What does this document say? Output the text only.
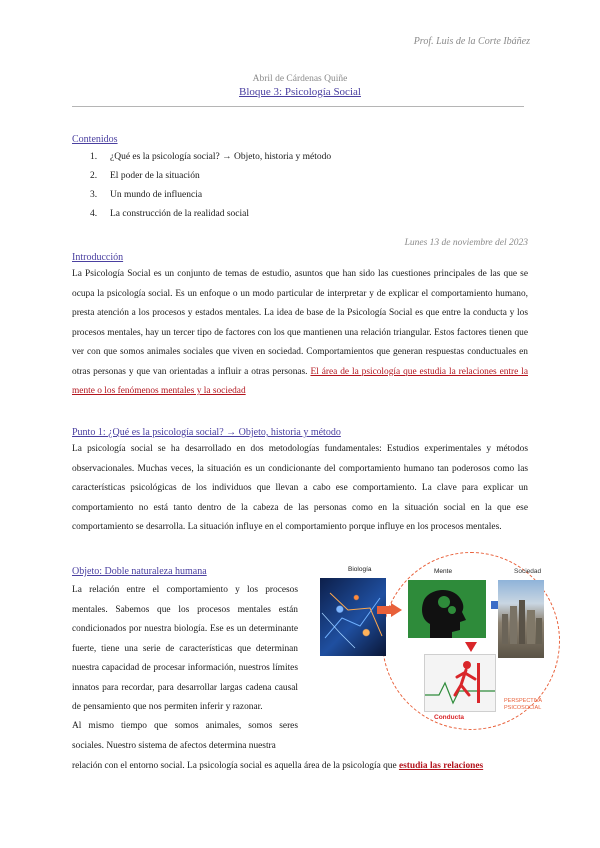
Prof. Luis de la Corte Ibáñez
Abril de Cárdenas Quiñe
Bloque 3: Psicología Social
Contenidos
1.	¿Qué es la psicología social? → Objeto, historia y método
2.	El poder de la situación
3.	Un mundo de influencia
4.	La construcción de la realidad social
Lunes 13 de noviembre del 2023
Introducción

La Psicología Social es un conjunto de temas de estudio, asuntos que han sido las cuestiones principales de las que se ocupa la psicología social. Es un enfoque o un modo particular de interpretar y de explicar el comportamiento humano, presta atención a los procesos y estados mentales. La idea de base de la Psicología Social es que entre la conducta y los procesos mentales, hay un tercer tipo de factores con los que mantienen una relación triangular. Estos factores tienen que ver con que somos animales sociales que viven en sociedad. Comportamientos que generan respuestas conductuales en otras personas y que van orientadas a influir a otras personas. El área de la psicología que estudia la relaciones entre la mente o los fenómenos mentales y la sociedad

Punto 1: ¿Qué es la psicología social? → Objeto, historia y método

La psicología social se ha desarrollado en dos metodologías fundamentales: Estudios experimentales y métodos observacionales. Muchas veces, la situación es un condicionante del comportamiento humano tan poderosos como las características psicológicas de los individuos que llevan a cabo ese comportamiento. La clave para explicar un comportamiento no está tanto dentro de la cabeza de las personas como en la situación social en la que ese comportamiento se desarrolla. La situación influye en el comportamiento porque influye en los procesos mentales.

Objeto: Doble naturaleza humana

La relación entre el comportamiento y los procesos mentales. Sabemos que los procesos mentales están condicionados por nuestra biología. Ese es un determinante fuerte, tiene una serie de características que determinan nuestra capacidad de procesar información, nuestros límites innatos para recordar, para desarrollar largas cadena causal de pensamiento que nos permiten inferir y razonar.

Al mismo tiempo que somos animales, somos seres sociales. Nuestro sistema de afectos determina nuestra

relación con el entorno social. La psicología social es aquella área de la psicología que estudia las relaciones

Biología	Mente	Sociedad
Conducta
PERSPECTIVA PSICOSOCIAL
